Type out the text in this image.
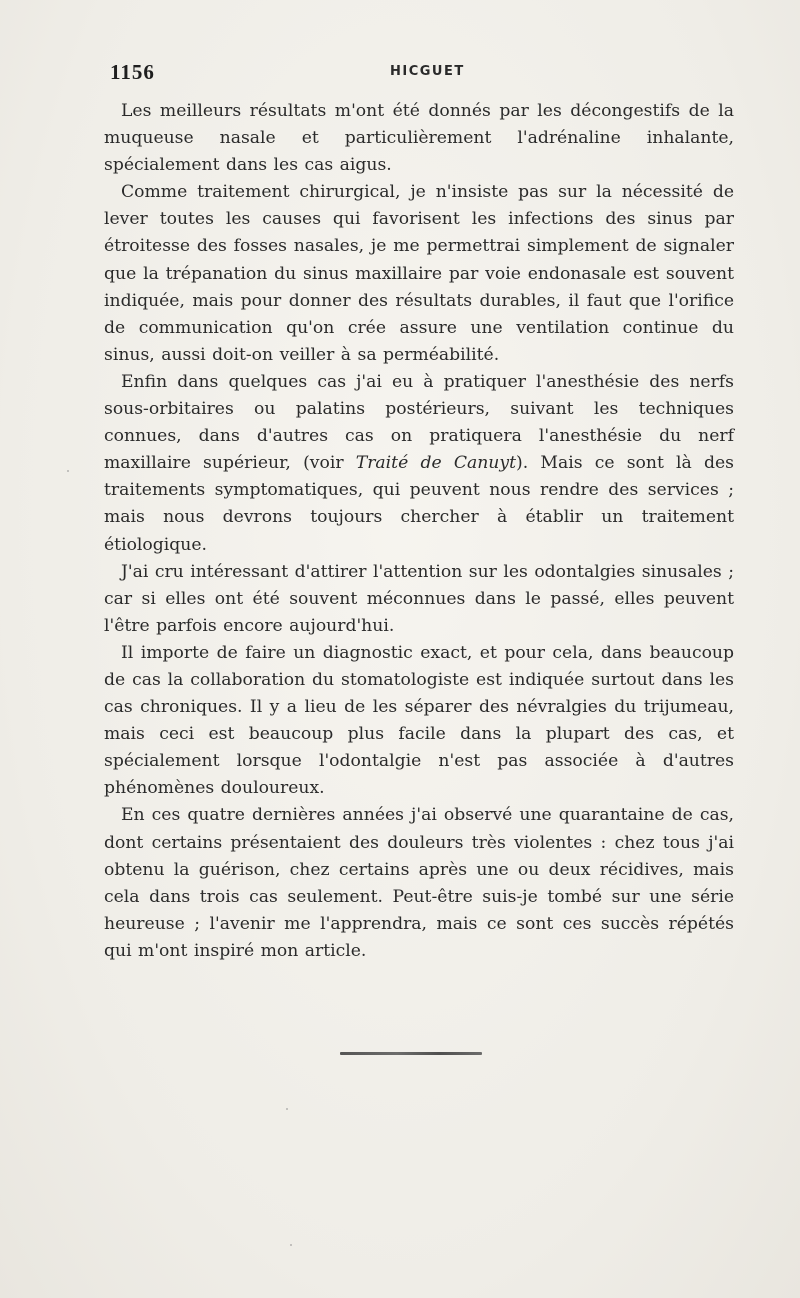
1156	HICGUET

Les meilleurs résultats m'ont été donnés par les décongestifs de la muqueuse nasale et particulièrement l'adrénaline inhalante, spécialement dans les cas aigus.

Comme traitement chirurgical, je n'insiste pas sur la nécessité de lever toutes les causes qui favorisent les infections des sinus par étroitesse des fosses nasales, je me permettrai simplement de signaler que la trépanation du sinus maxillaire par voie endonasale est souvent indiquée, mais pour donner des résultats durables, il faut que l'orifice de communication qu'on crée assure une ventilation continue du sinus, aussi doit-on veiller à sa perméabilité.

Enfin dans quelques cas j'ai eu à pratiquer l'anesthésie des nerfs sous-orbitaires ou palatins postérieurs, suivant les techniques connues, dans d'autres cas on pratiquera l'anesthésie du nerf maxillaire supérieur, (voir Traité de Canuyt). Mais ce sont là des traitements symptomatiques, qui peuvent nous rendre des services ; mais nous devrons toujours chercher à établir un traitement étiologique.

J'ai cru intéressant d'attirer l'attention sur les odontalgies sinusales ; car si elles ont été souvent méconnues dans le passé, elles peuvent l'être parfois encore aujourd'hui.

Il importe de faire un diagnostic exact, et pour cela, dans beaucoup de cas la collaboration du stomatologiste est indiquée surtout dans les cas chroniques. Il y a lieu de les séparer des névralgies du trijumeau, mais ceci est beaucoup plus facile dans la plupart des cas, et spécialement lorsque l'odontalgie n'est pas associée à d'autres phénomènes douloureux.

En ces quatre dernières années j'ai observé une quarantaine de cas, dont certains présentaient des douleurs très violentes : chez tous j'ai obtenu la guérison, chez certains après une ou deux récidives, mais cela dans trois cas seulement. Peut-être suis-je tombé sur une série heureuse ; l'avenir me l'apprendra, mais ce sont ces succès répétés qui m'ont inspiré mon article.
